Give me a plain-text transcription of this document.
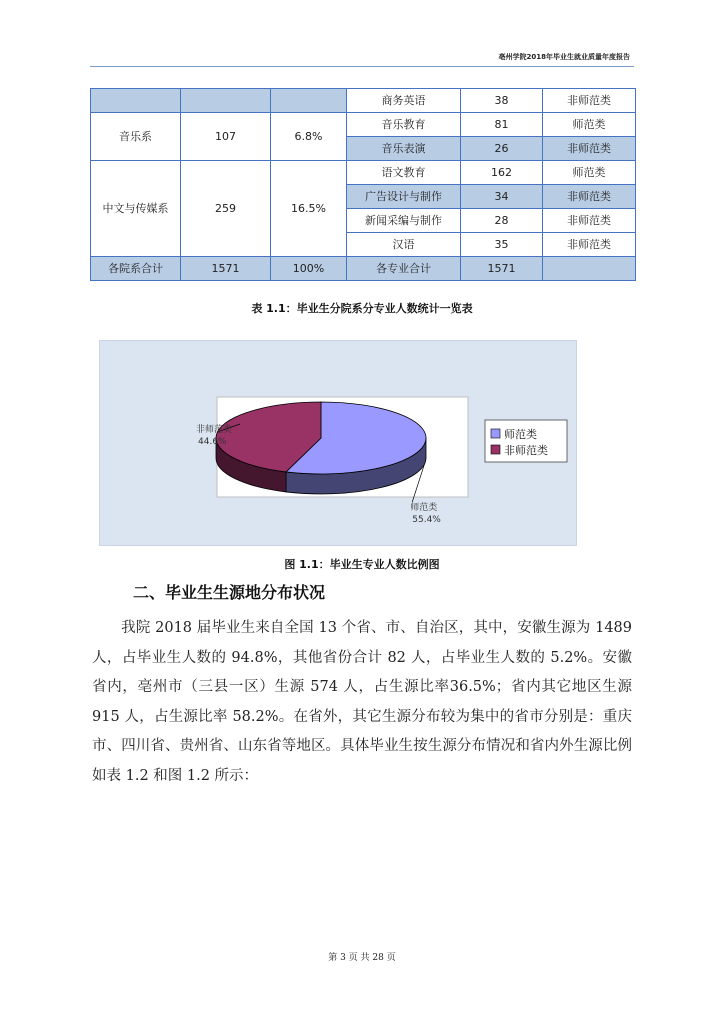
亳州学院2018年毕业生就业质量年度报告
			商务英语	38	非师范类
音乐系	107	6.8%	音乐教育	81	师范类
			音乐表演	26	非师范类
中文与传媒系	259	16.5%	语文教育	162	师范类
			广告设计与制作	34	非师范类
			新闻采编与制作	28	非师范类
			汉语	35	非师范类
各院系合计	1571	100%	各专业合计	1571	
表 1.1：毕业生分院系分专业人数统计一览表
师范类
55.4%
非师范类
44.6%
师范类
非师范类
图 1.1：毕业生专业人数比例图
二、毕业生生源地分布状况
我院 2018 届毕业生来自全国 13 个省、市、自治区，其中，安徽生源为 1489 人，占毕业生人数的 94.8%，其他省份合计 82 人，占毕业生人数的 5.2%。安徽省内，亳州市（三县一区）生源 574 人，占生源比率36.5%；省内其它地区生源 915 人，占生源比率 58.2%。在省外，其它生源分布较为集中的省市分别是：重庆市、四川省、贵州省、山东省等地区。具体毕业生按生源分布情况和省内外生源比例如表 1.2 和图 1.2 所示：
第 3 页 共 28 页
